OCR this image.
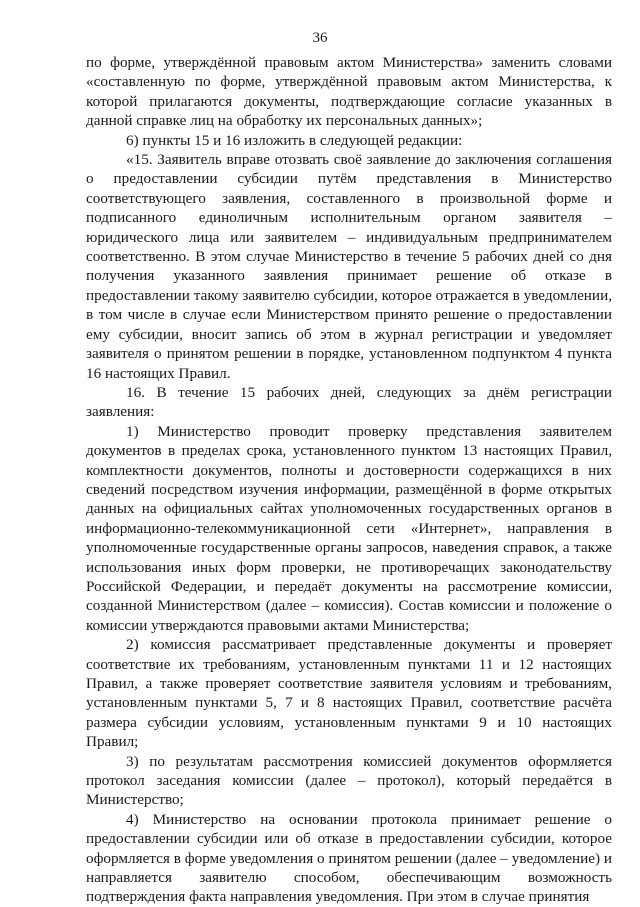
36

по форме, утверждённой правовым актом Министерства» заменить словами «составленную по форме, утверждённой правовым актом Министерства, к которой прилагаются документы, подтверждающие согласие указанных в данной справке лиц на обработку их персональных данных»;

6) пункты 15 и 16 изложить в следующей редакции:

«15. Заявитель вправе отозвать своё заявление до заключения соглашения о предоставлении субсидии путём представления в Министерство соответствующего заявления, составленного в произвольной форме и подписанного единоличным исполнительным органом заявителя – юридического лица или заявителем – индивидуальным предпринимателем соответственно. В этом случае Министерство в течение 5 рабочих дней со дня получения указанного заявления принимает решение об отказе в предоставлении такому заявителю субсидии, которое отражается в уведомлении, в том числе в случае если Министерством принято решение о предоставлении ему субсидии, вносит запись об этом в журнал регистрации и уведомляет заявителя о принятом решении в порядке, установленном подпунктом 4 пункта 16 настоящих Правил.

16. В течение 15 рабочих дней, следующих за днём регистрации заявления:

1) Министерство проводит проверку представления заявителем документов в пределах срока, установленного пунктом 13 настоящих Правил, комплектности документов, полноты и достоверности содержащихся в них сведений посредством изучения информации, размещённой в форме открытых данных на официальных сайтах уполномоченных государственных органов в информационно-телекоммуникационной сети «Интернет», направления в уполномоченные государственные органы запросов, наведения справок, а также использования иных форм проверки, не противоречащих законодательству Российской Федерации, и передаёт документы на рассмотрение комиссии, созданной Министерством (далее – комиссия). Состав комиссии и положение о комиссии утверждаются правовыми актами Министерства;

2) комиссия рассматривает представленные документы и проверяет соответствие их требованиям, установленным пунктами 11 и 12 настоящих Правил, а также проверяет соответствие заявителя условиям и требованиям, установленным пунктами 5, 7 и 8 настоящих Правил, соответствие расчёта размера субсидии условиям, установленным пунктами 9 и 10 настоящих Правил;

3) по результатам рассмотрения комиссией документов оформляется протокол заседания комиссии (далее – протокол), который передаётся в Министерство;

4) Министерство на основании протокола принимает решение о предоставлении субсидии или об отказе в предоставлении субсидии, которое оформляется в форме уведомления о принятом решении (далее – уведомление) и направляется заявителю способом, обеспечивающим возможность подтверждения факта направления уведомления. При этом в случае принятия
